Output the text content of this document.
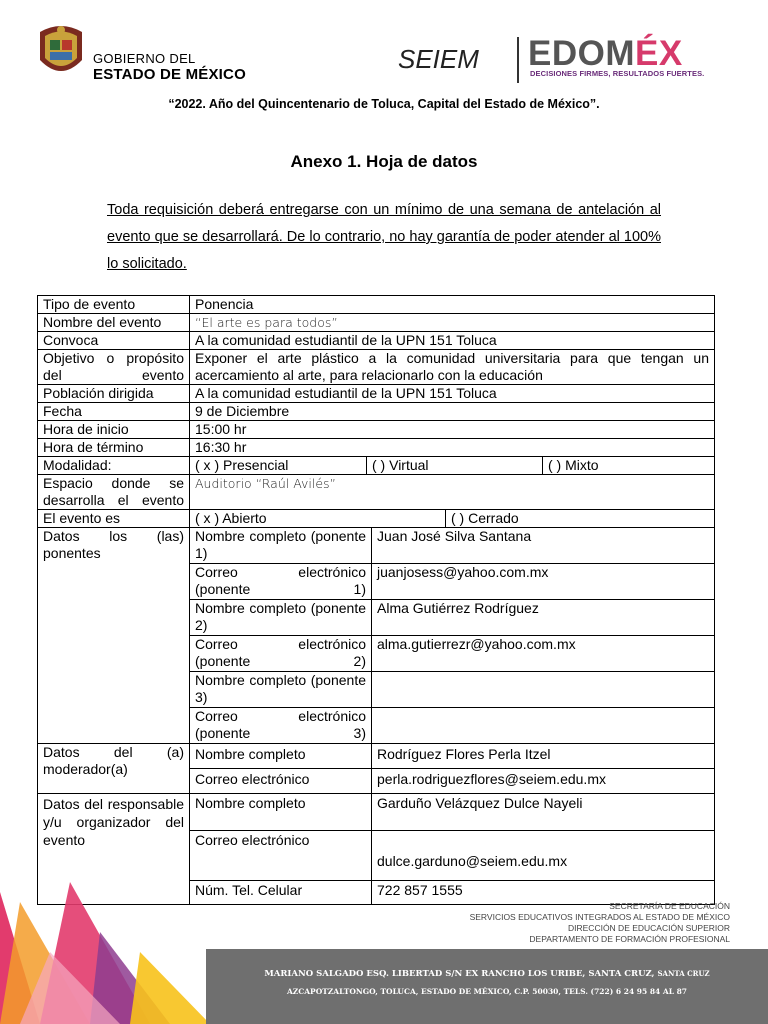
GOBIERNO DEL
ESTADO DE MÉXICO
SEIEM EDOMÉX
DECISIONES FIRMES, RESULTADOS FUERTES.
“2022. Año del Quincentenario de Toluca, Capital del Estado de México”.
Anexo 1. Hoja de datos
Toda requisición deberá entregarse con un mínimo de una semana de antelación al evento que se desarrollará. De lo contrario, no hay garantía de poder atender al 100% lo solicitado.
Tipo de evento	Ponencia	
Nombre del evento	“El arte es para todos”	
Convoca	A la comunidad estudiantil de la UPN 151 Toluca	
Objetivo o propósito del evento	Exponer el arte plástico a la comunidad universitaria para que tengan un acercamiento al arte, para relacionarlo con la educación	
Población dirigida	A la comunidad estudiantil de la UPN 151 Toluca	
Fecha	9 de Diciembre	
Hora de inicio	15:00 hr	
Hora de término	16:30 hr	
Modalidad:	( x ) Presencial ( ) Virtual ( ) Mixto	

Espacio donde se desarrolla el evento	Auditorio “Raúl Avilés”	
El evento es	( x ) Abierto ( ) Cerrado	

Datos los (las) ponentes	Nombre completo (ponente 1)	Juan José Silva Santana
	Correo electrónico (ponente 1)	juanjosess@yahoo.com.mx
	Nombre completo (ponente 2)	Alma Gutiérrez Rodríguez
	Correo electrónico (ponente 2)	alma.gutierrezr@yahoo.com.mx
	Nombre completo (ponente 3)	
	Correo electrónico (ponente 3)	
Datos del (a) moderador(a)	Nombre completo	Rodríguez Flores Perla Itzel
	Correo electrónico	perla.rodriguezflores@seiem.edu.mx
Datos del responsable y/u organizador del evento	Nombre completo	Garduño Velázquez Dulce Nayeli
	Correo electrónico	dulce.garduno@seiem.edu.mx
	Núm. Tel. Celular	722 857 1555
SECRETARÍA DE EDUCACIÓN
SERVICIOS EDUCATIVOS INTEGRADOS AL ESTADO DE MÉXICO
DIRECCIÓN DE EDUCACIÓN SUPERIOR
DEPARTAMENTO DE FORMACIÓN PROFESIONAL
MARIANO SALGADO ESQ. LIBERTAD S/N EX RANCHO LOS URIBE, SANTA CRUZ, SANTA CRUZ
AZCAPOTZALTONGO, TOLUCA, ESTADO DE MÉXICO, C.P. 50030, TELS. (722) 6 24 95 84 AL 87
